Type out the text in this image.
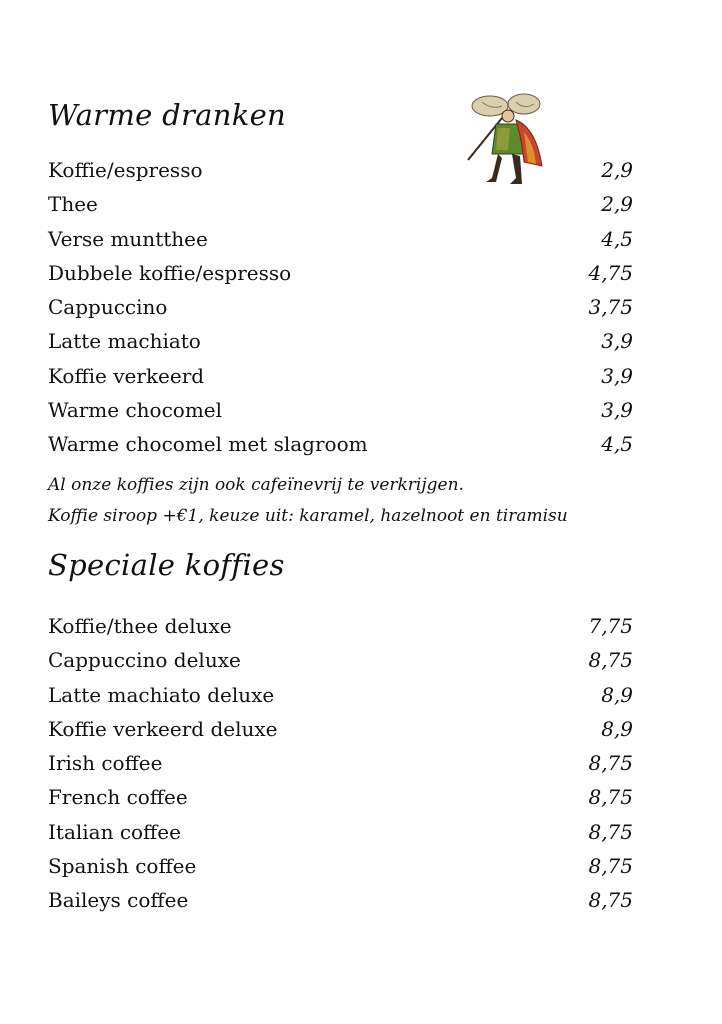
Warme dranken
Koffie/espresso	2,9
Thee	2,9
Verse muntthee	4,5
Dubbele koffie/espresso	4,75
Cappuccino	3,75
Latte machiato	3,9
Koffie verkeerd	3,9
Warme chocomel	3,9
Warme chocomel met slagroom	4,5

Al onze koffies zijn ook cafeïnevrij te verkrijgen.

Koffie siroop +€1, keuze uit: karamel, hazelnoot en tiramisu

Speciale koffies
Koffie/thee deluxe	7,75
Cappuccino deluxe	8,75
Latte machiato deluxe	8,9
Koffie verkeerd deluxe	8,9
Irish coffee	8,75
French coffee	8,75
Italian coffee	8,75
Spanish coffee	8,75
Baileys coffee	8,75
